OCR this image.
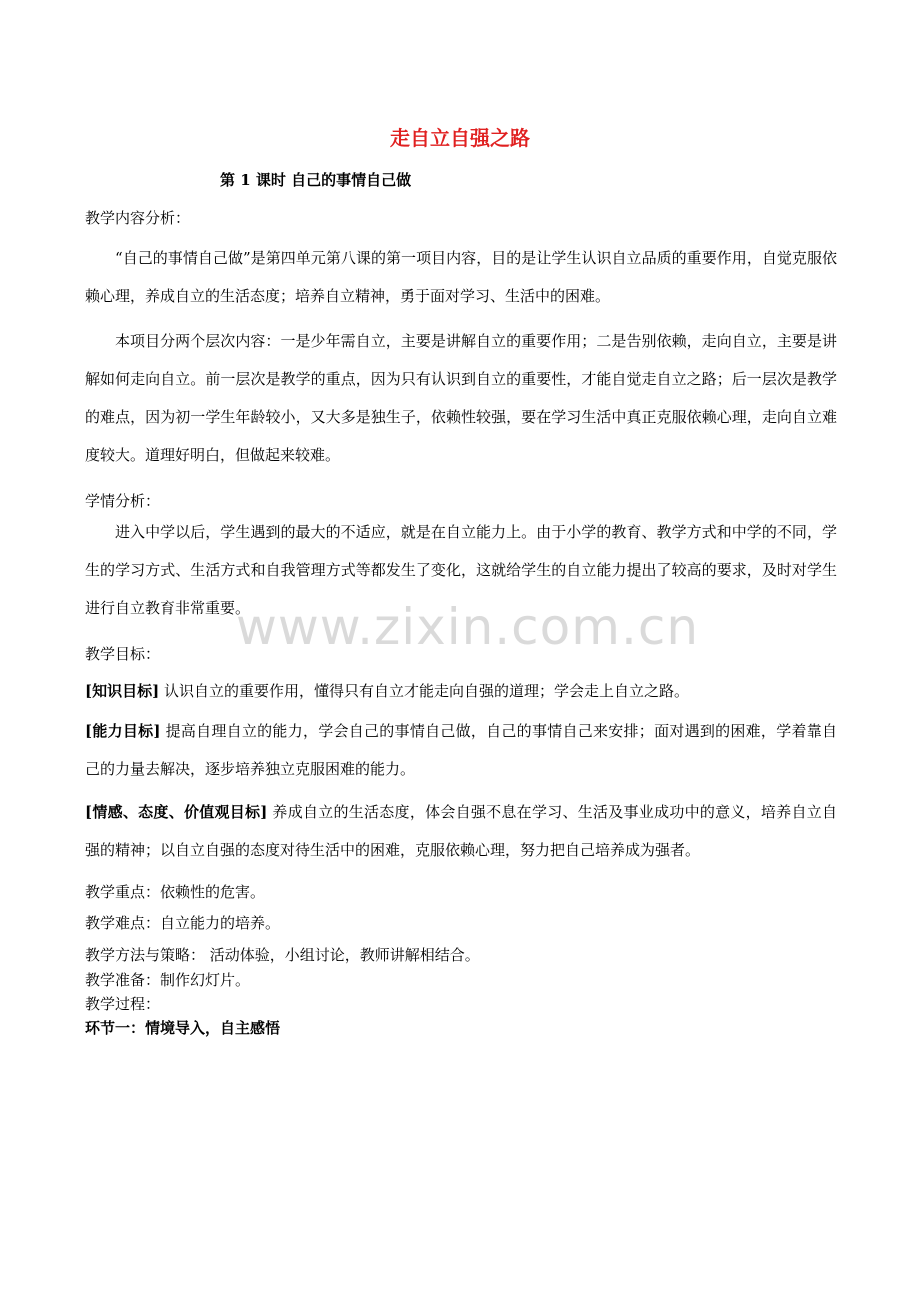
走自立自强之路
第 1 课时 自己的事情自己做
教学内容分析：

“自己的事情自己做”是第四单元第八课的第一项目内容，目的是让学生认识自立品质的重要作用，自觉克服依赖心理，养成自立的生活态度；培养自立精神，勇于面对学习、生活中的困难。

本项目分两个层次内容：一是少年需自立，主要是讲解自立的重要作用；二是告别依赖，走向自立，主要是讲解如何走向自立。前一层次是教学的重点，因为只有认识到自立的重要性，才能自觉走自立之路；后一层次是教学的难点，因为初一学生年龄较小，又大多是独生子，依赖性较强，要在学习生活中真正克服依赖心理，走向自立难度较大。道理好明白，但做起来较难。

学情分析：

进入中学以后，学生遇到的最大的不适应，就是在自立能力上。由于小学的教育、教学方式和中学的不同，学生的学习方式、生活方式和自我管理方式等都发生了变化，这就给学生的自立能力提出了较高的要求，及时对学生进行自立教育非常重要。

www.zixin.com.cn
教学目标：

[知识目标] 认识自立的重要作用，懂得只有自立才能走向自强的道理；学会走上自立之路。

[能力目标] 提高自理自立的能力，学会自己的事情自己做，自己的事情自己来安排；面对遇到的困难，学着靠自己的力量去解决，逐步培养独立克服困难的能力。

[情感、态度、价值观目标] 养成自立的生活态度，体会自强不息在学习、生活及事业成功中的意义，培养自立自强的精神；以自立自强的态度对待生活中的困难，克服依赖心理，努力把自己培养成为强者。

教学重点：依赖性的危害。
教学难点：自立能力的培养。
教学方法与策略： 活动体验，小组讨论，教师讲解相结合。
教学准备：制作幻灯片。
教学过程：
环节一：情境导入，自主感悟
